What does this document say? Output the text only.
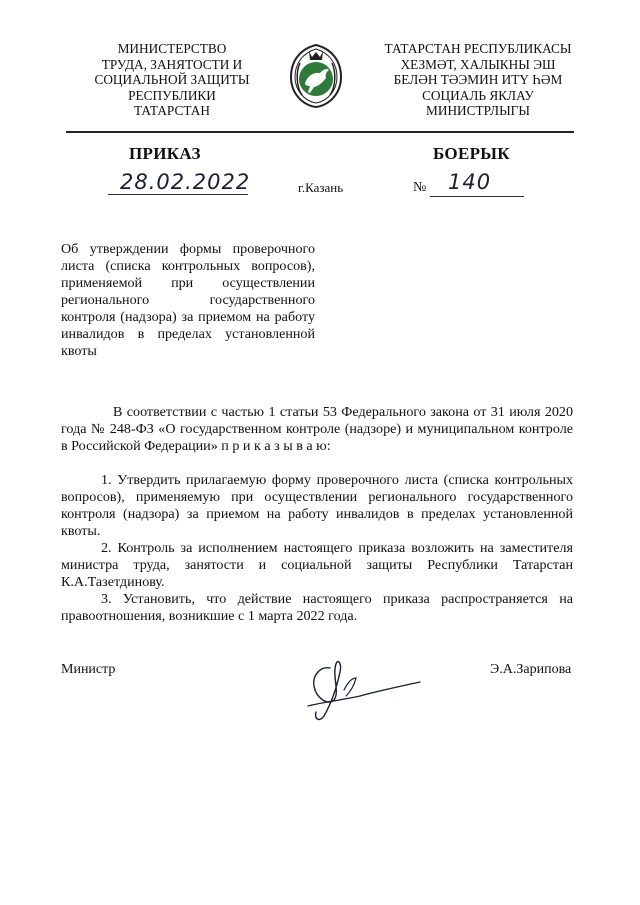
МИНИСТЕРСТВО
ТРУДА, ЗАНЯТОСТИ И
СОЦИАЛЬНОЙ ЗАЩИТЫ
РЕСПУБЛИКИ
ТАТАРСТАН
ТАТАРСТАН РЕСПУБЛИКАСЫ
ХЕЗМӘТ, ХАЛЫКНЫ ЭШ
БЕЛӘН ТӘЭМИН ИТҮ ҺӘМ
СОЦИАЛЬ ЯКЛАУ
МИНИСТРЛЫГЫ
ПРИКАЗ	БОЕРЫК
28.02.2022	г.Казань	№ 140
Об утверждении формы проверочного листа (списка контрольных вопросов), применяемой при осуществлении регионального государственного контроля (надзора) за приемом на работу инвалидов в пределах установленной квоты
В соответствии с частью 1 статьи 53 Федерального закона от 31 июля 2020 года № 248-ФЗ «О государственном контроле (надзоре) и муниципальном контроле в Российской Федерации» п р и к а з ы в а ю:
1. Утвердить прилагаемую форму проверочного листа (списка контрольных вопросов), применяемую при осуществлении регионального государственного контроля (надзора) за приемом на работу инвалидов в пределах установленной квоты.
2. Контроль за исполнением настоящего приказа возложить на заместителя министра труда, занятости и социальной защиты Республики Татарстан К.А.Тазетдинову.
3. Установить, что действие настоящего приказа распространяется на правоотношения, возникшие с 1 марта 2022 года.
Министр	Э.А.Зарипова
